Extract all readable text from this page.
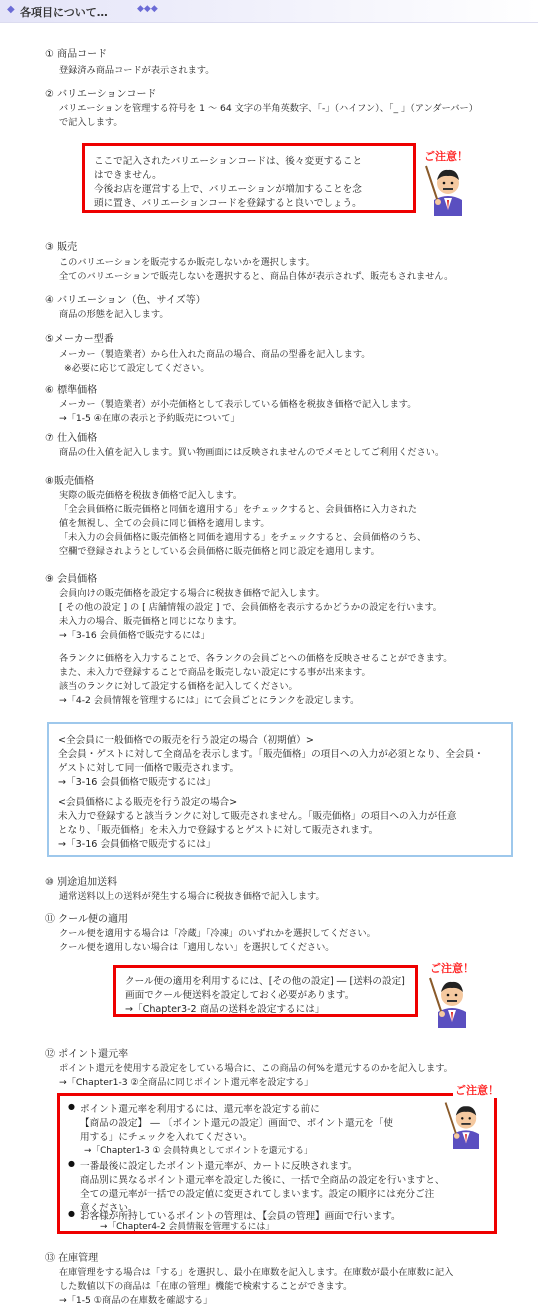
◆ 各項目について…	◆◆◆
① 商品コード
登録済み商品コードが表示されます。
② バリエーションコード
バリエーションを管理する符号を 1 ～ 64 文字の半角英数字、「-」（ハイフン）、「_ 」（アンダーバー）
で記入します。
ここで記入されたバリエーションコードは、後々変更すること
はできません。
今後お店を運営する上で、バリエーションが増加することを念
頭に置き、バリエーションコードを登録すると良いでしょう。
ご注意！
③ 販売
このバリエーションを販売するか販売しないかを選択します。
全てのバリエーションで販売しないを選択すると、商品自体が表示されず、販売もされません。
④ バリエーション（色、サイズ等）
商品の形態を記入します。
⑤メーカー型番
メーカー（製造業者）から仕入れた商品の場合、商品の型番を記入します。
※必要に応じて設定してください。
⑥ 標準価格
メーカー（製造業者）が小売価格として表示している価格を税抜き価格で記入します。
→「1-5 ④在庫の表示と予約販売について」
⑦ 仕入価格
商品の仕入値を記入します。買い物画面には反映されませんのでメモとしてご利用ください。
⑧販売価格
実際の販売価格を税抜き価格で記入します。
「全会員価格に販売価格と同価を適用する」をチェックすると、会員価格に入力された
値を無視し、全ての会員に同じ価格を適用します。
「未入力の会員価格に販売価格と同価を適用する」をチェックすると、会員価格のうち、
空欄で登録されようとしている会員価格に販売価格と同じ設定を適用します。
⑨ 会員価格
会員向けの販売価格を設定する場合に税抜き価格で記入します。
[ その他の設定 ] の [ 店舗情報の設定 ] で、会員価格を表示するかどうかの設定を行います。
未入力の場合、販売価格と同じになります。
→「3-16 会員価格で販売するには」
各ランクに価格を入力することで、各ランクの会員ごとへの価格を反映させることができます。
また、未入力で登録することで商品を販売しない設定にする事が出来ます。
該当のランクに対して設定する価格を記入してください。
→「4-2 会員情報を管理するには」にて会員ごとにランクを設定します。
<全会員に一般価格での販売を行う設定の場合（初期値）>
全会員・ゲストに対して全商品を表示します。「販売価格」の項目への入力が必須となり、全会員・
ゲストに対して同一価格で販売されます。
→「3-16 会員価格で販売するには」
<会員価格による販売を行う設定の場合>
未入力で登録すると該当ランクに対して販売されません。「販売価格」の項目への入力が任意
となり、「販売価格」を未入力で登録するとゲストに対して販売されます。
→「3-16 会員価格で販売するには」
⑩ 別途追加送料
通常送料以上の送料が発生する場合に税抜き価格で記入します。
⑪ クール便の適用
クール便を適用する場合は「冷蔵」「冷凍」のいずれかを選択してください。
クール便を適用しない場合は「適用しない」を選択してください。
クール便の適用を利用するには、[その他の設定] ― [送料の設定]
画面でクール便送料を設定しておく必要があります。
→「Chapter3-2 商品の送料を設定するには」
ご注意！
⑫ ポイント還元率
ポイント還元を使用する設定をしている場合に、この商品の何%を還元するのかを記入します。
→「Chapter1-3 ②全商品に同じポイント還元率を設定する」
● ポイント還元率を利用するには、還元率を設定する前に
【商品の設定】 ― 〔ポイント還元の設定〕画面で、ポイント還元を「使
用する」にチェックを入れてください。
→「Chapter1-3 ① 会員特典としてポイントを還元する」
● 一番最後に設定したポイント還元率が、カートに反映されます。
商品別に異なるポイント還元率を設定した後に、一括で全商品の設定を行いますと、
全ての還元率が一括での設定値に変更されてしまいます。設定の順序には充分ご注
意ください。
● お客様が所持しているポイントの管理は、【会員の管理】画面で行います。
→「Chapter4-2 会員情報を管理するには」
ご注意！
⑬ 在庫管理
在庫管理をする場合は「する」を選択し、最小在庫数を記入します。在庫数が最小在庫数に記入
した数値以下の商品は「在庫の管理」機能で検索することができます。
→「1-5 ①商品の在庫数を確認する」
